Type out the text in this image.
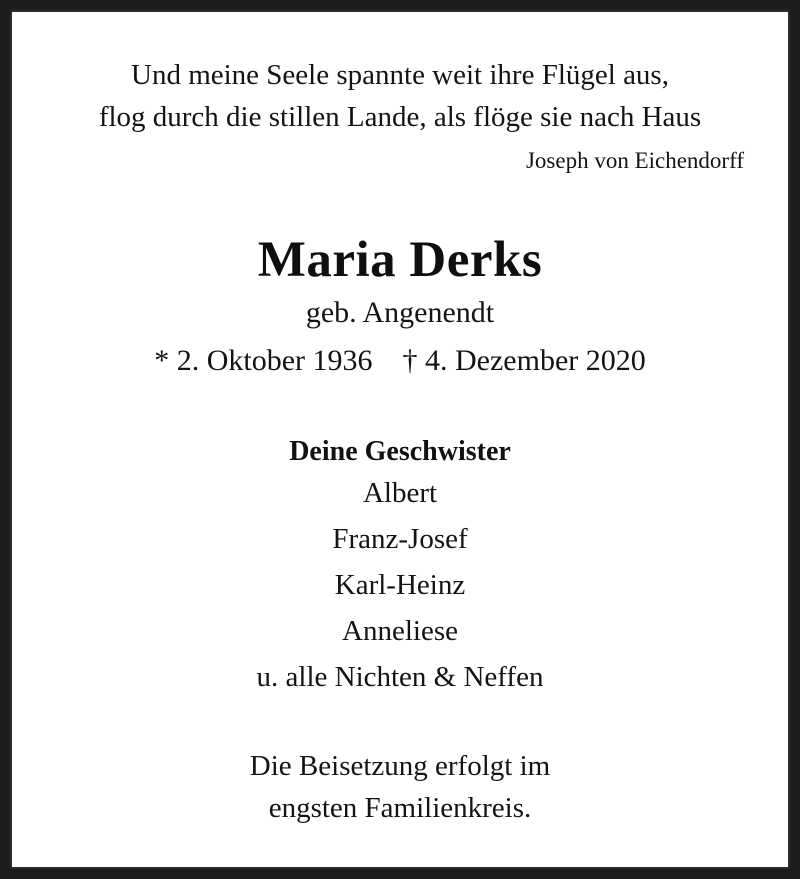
Und meine Seele spannte weit ihre Flügel aus,
flog durch die stillen Lande, als flöge sie nach Haus
Joseph von Eichendorff
Maria Derks
geb. Angenendt
* 2. Oktober 1936 † 4. Dezember 2020
Deine Geschwister
Albert
Franz-Josef
Karl-Heinz
Anneliese
u. alle Nichten & Neffen
Die Beisetzung erfolgt im
engsten Familienkreis.
